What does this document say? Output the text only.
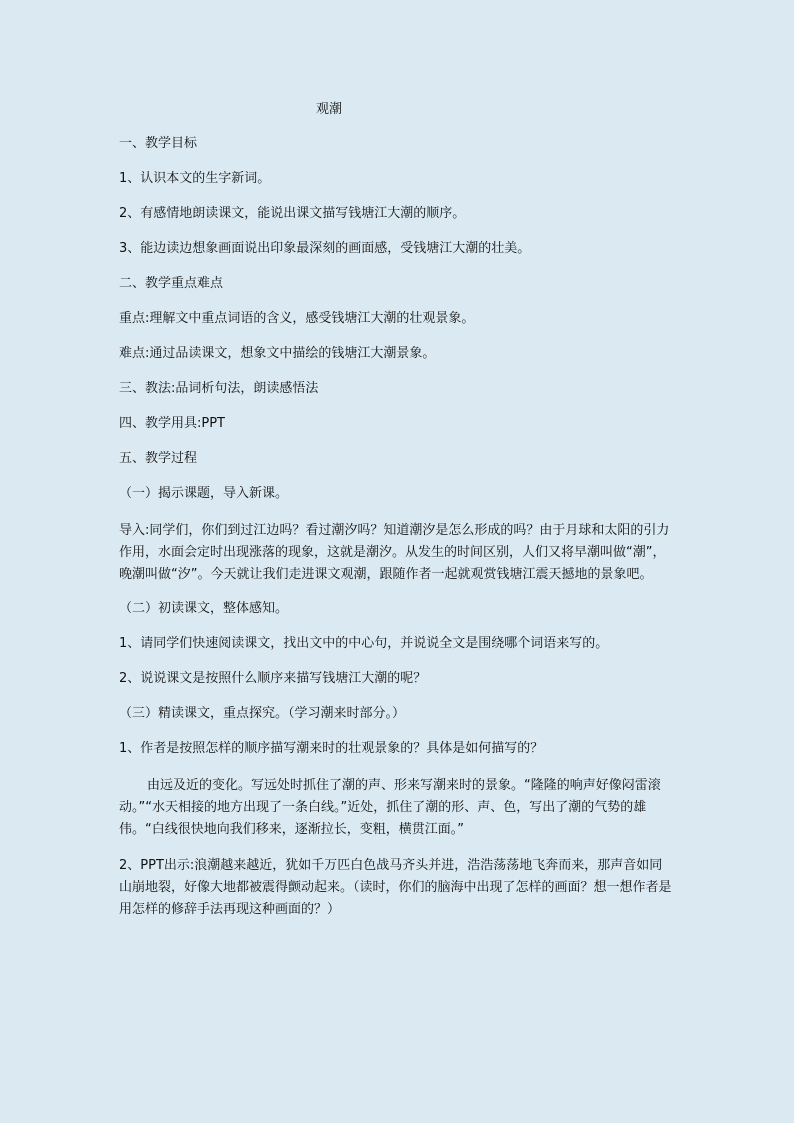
观潮

一、教学目标

1、认识本文的生字新词。

2、有感情地朗读课文，能说出课文描写钱塘江大潮的顺序。

3、能边读边想象画面说出印象最深刻的画面感，受钱塘江大潮的壮美。

二、教学重点难点

重点:理解文中重点词语的含义，感受钱塘江大潮的壮观景象。

难点:通过品读课文，想象文中描绘的钱塘江大潮景象。

三、教法:品词析句法，朗读感悟法

四、教学用具:PPT

五、教学过程

（一）揭示课题，导入新课。

导入:同学们，你们到过江边吗？看过潮汐吗？知道潮汐是怎么形成的吗？由于月球和太阳的引力作用，水面会定时出现涨落的现象，这就是潮汐。从发生的时间区别，人们又将早潮叫做“潮”，晚潮叫做“汐”。今天就让我们走进课文观潮，跟随作者一起就观赏钱塘江震天撼地的景象吧。

（二）初读课文，整体感知。

1、请同学们快速阅读课文，找出文中的中心句，并说说全文是围绕哪个词语来写的。

2、说说课文是按照什么顺序来描写钱塘江大潮的呢？

（三）精读课文，重点探究。（学习潮来时部分。）

1、作者是按照怎样的顺序描写潮来时的壮观景象的？具体是如何描写的？

由远及近的变化。写远处时抓住了潮的声、形来写潮来时的景象。“隆隆的响声好像闷雷滚动。”“水天相接的地方出现了一条白线。”近处，抓住了潮的形、声、色，写出了潮的气势的雄伟。“白线很快地向我们移来，逐渐拉长，变粗，横贯江面。”

2、PPT出示:浪潮越来越近，犹如千万匹白色战马齐头并进，浩浩荡荡地飞奔而来，那声音如同山崩地裂，好像大地都被震得颤动起来。（读时，你们的脑海中出现了怎样的画面？想一想作者是用怎样的修辞手法再现这种画面的？）
